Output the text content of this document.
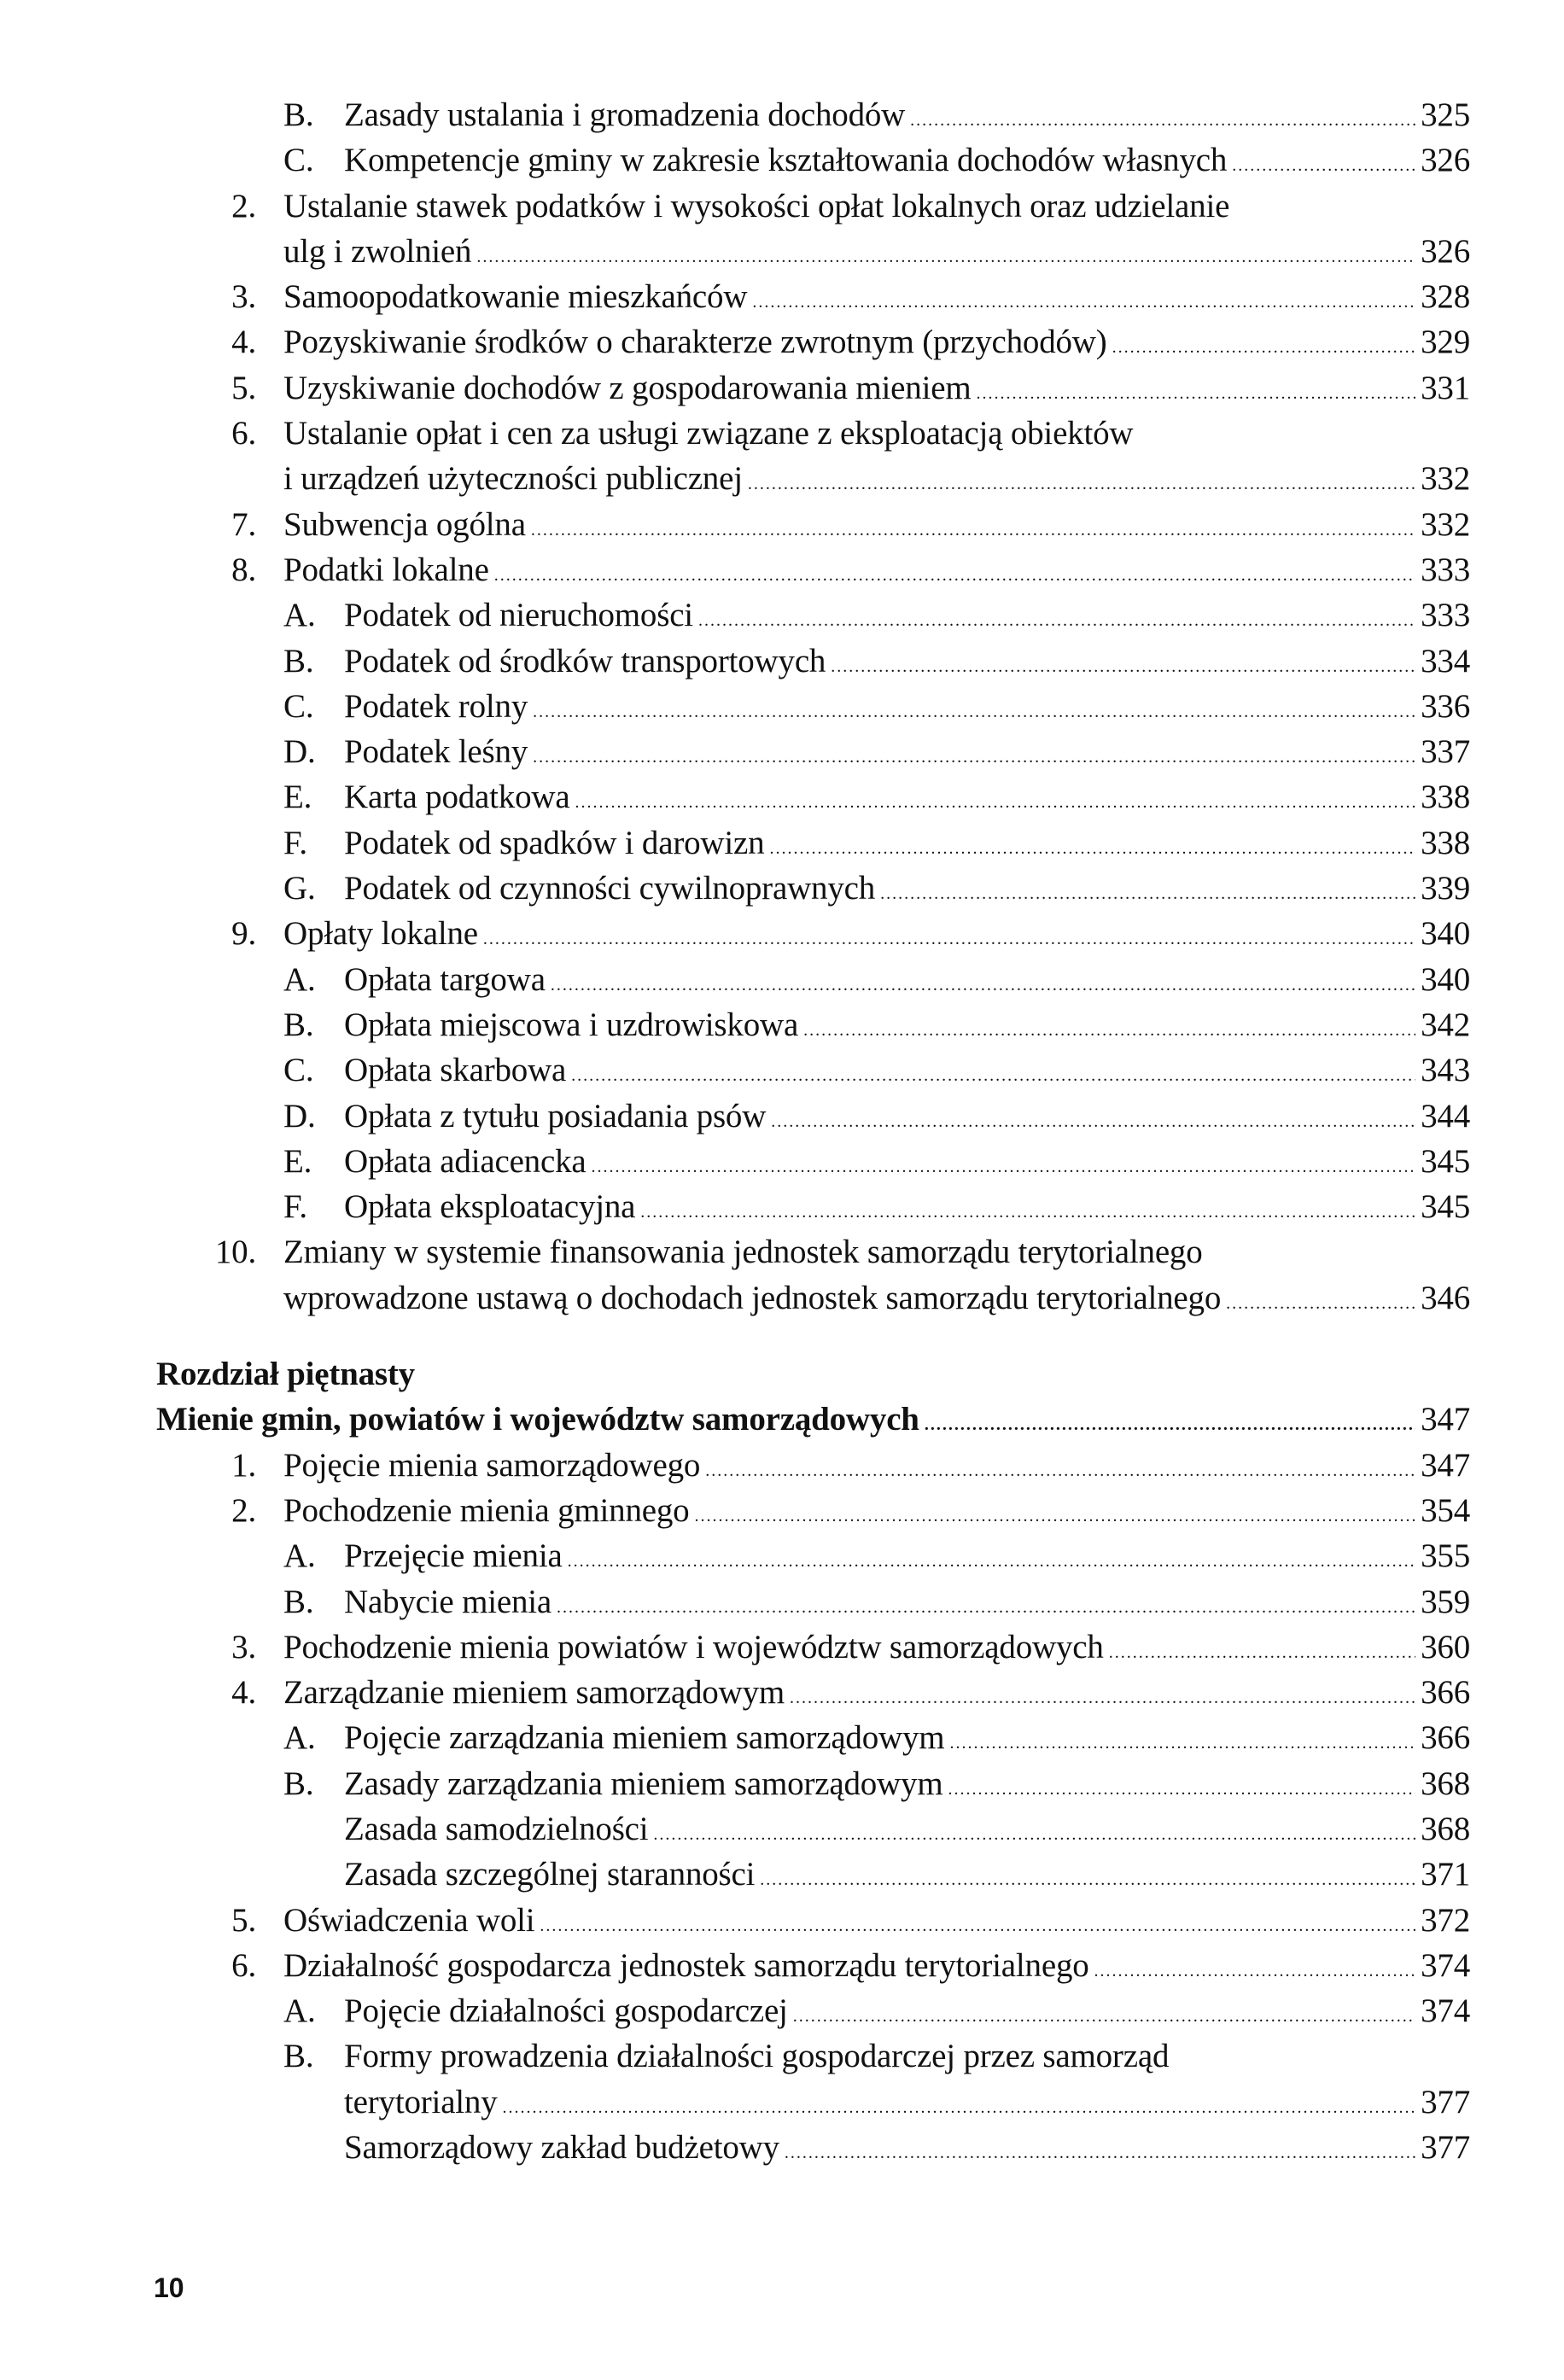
B. Zasady ustalania i gromadzenia dochodów .....	325
C. Kompetencje gminy w zakresie kształtowania dochodów własnych .....	326
2. Ustalanie stawek podatków i wysokości opłat lokalnych oraz udzielanie
ulg i zwolnień .....	326
3. Samoopodatkowanie mieszkańców .....	328
4. Pozyskiwanie środków o charakterze zwrotnym (przychodów) .....	329
5. Uzyskiwanie dochodów z gospodarowania mieniem .....	331
6. Ustalanie opłat i cen za usługi związane z eksploatacją obiektów
i urządzeń użyteczności publicznej .....	332
7. Subwencja ogólna .....	332
8. Podatki lokalne .....	333
A. Podatek od nieruchomości .....	333
B. Podatek od środków transportowych .....	334
C. Podatek rolny .....	336
D. Podatek leśny .....	337
E. Karta podatkowa .....	338
F. Podatek od spadków i darowizn .....	338
G. Podatek od czynności cywilnoprawnych .....	339
9. Opłaty lokalne .....	340
A. Opłata targowa .....	340
B. Opłata miejscowa i uzdrowiskowa .....	342
C. Opłata skarbowa .....	343
D. Opłata z tytułu posiadania psów .....	344
E. Opłata adiacencka .....	345
F. Opłata eksploatacyjna .....	345
10. Zmiany w systemie finansowania jednostek samorządu terytorialnego
wprowadzone ustawą o dochodach jednostek samorządu terytorialnego .....	346
Rozdział piętnasty
Mienie gmin, powiatów i województw samorządowych .....	347
1. Pojęcie mienia samorządowego .....	347
2. Pochodzenie mienia gminnego .....	354
A. Przejęcie mienia .....	355
B. Nabycie mienia .....	359
3. Pochodzenie mienia powiatów i województw samorządowych .....	360
4. Zarządzanie mieniem samorządowym .....	366
A. Pojęcie zarządzania mieniem samorządowym .....	366
B. Zasady zarządzania mieniem samorządowym .....	368
Zasada samodzielności .....	368
Zasada szczególnej staranności .....	371
5. Oświadczenia woli .....	372
6. Działalność gospodarcza jednostek samorządu terytorialnego .....	374
A. Pojęcie działalności gospodarczej .....	374
B. Formy prowadzenia działalności gospodarczej przez samorząd
terytorialny .....	377
Samorządowy zakład budżetowy .....	377
10
